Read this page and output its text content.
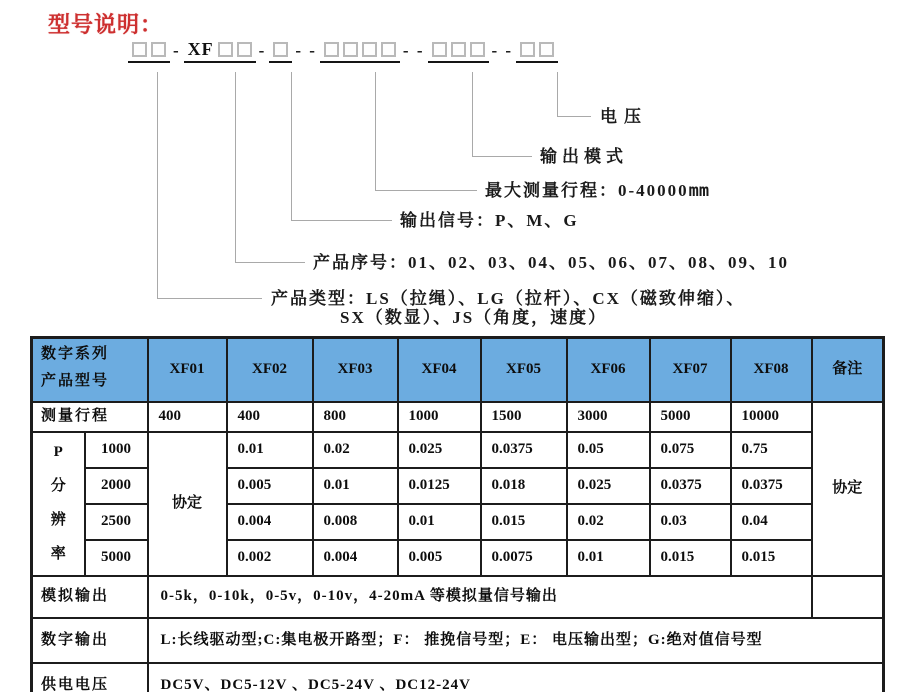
型号说明：
- XF	- - -	- -	- -
电压
输出模式
最大测量行程：0-40000mm
输出信号：P、M、G
产品序号：01、02、03、04、05、06、07、08、09、10
产品类型：LS（拉绳）、LG（拉杆）、CX（磁致伸缩）、
SX（数显）、JS（角度，速度）
数字系列
产品型号		XF01	XF02	XF03	XF04	XF05	XF06	XF07	XF08	备注
测量行程		400	400	800	1000	1500	3000	5000	10000	协定

P
分
辨
率	1000	协定	0.01	0.02	0.025	0.0375	0.05	0.075	0.75	
	2000		0.005	0.01	0.0125	0.018	0.025	0.0375	0.0375	
	2500		0.004	0.008	0.01	0.015	0.02	0.03	0.04	
	5000		0.002	0.004	0.005	0.0075	0.01	0.015	0.015	
模拟输出		0-5k，0-10k，0-5v，0-10v，4-20mA 等模拟量信号输出								
数字输出		L:长线驱动型;C:集电极开路型；F： 推挽信号型；E： 电压输出型；G:绝对值信号型								
供电电压		DC5V、DC5-12V 、DC5-24V 、DC12-24V								
